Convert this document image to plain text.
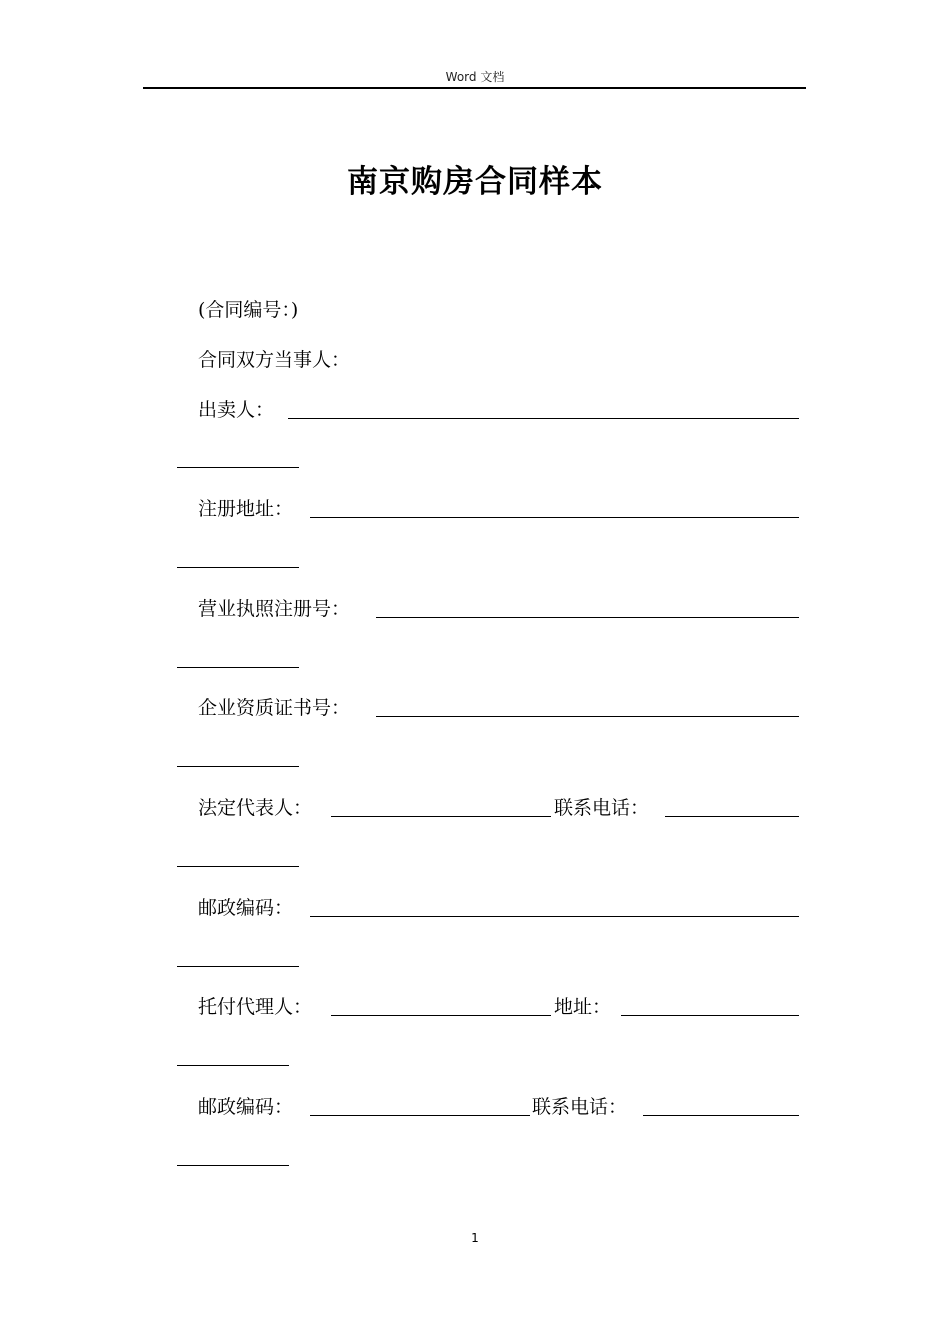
Word 文档
南京购房合同样本
(合同编号：)
合同双方当事人：
出卖人：
注册地址：
营业执照注册号：
企业资质证书号：
法定代表人：	联系电话：
邮政编码：
托付代理人：	地址：
邮政编码：	联系电话：
1
